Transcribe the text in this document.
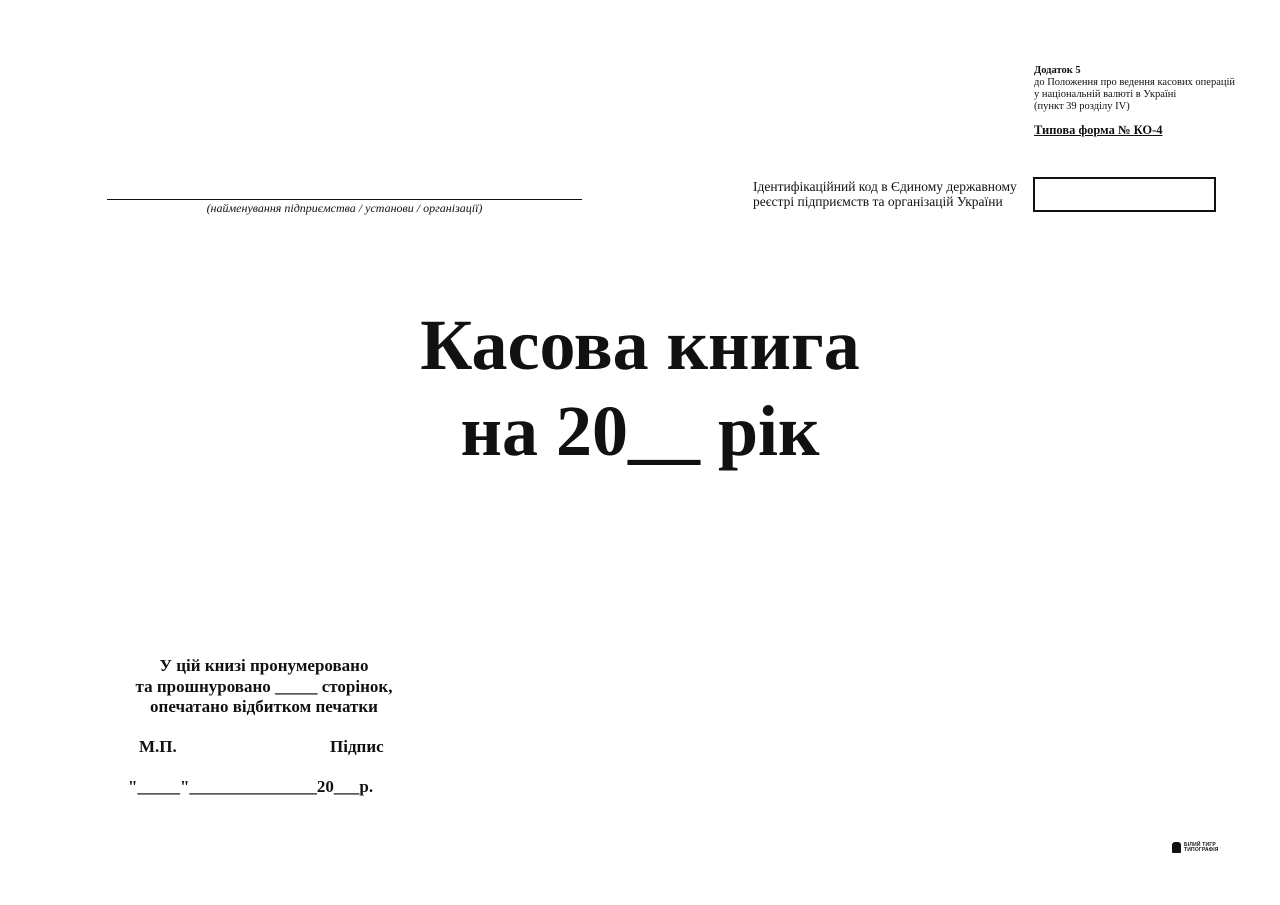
Додаток 5
до Положення про ведення касових операцій
у національній валюті в Україні
(пункт 39 розділу IV)
Типова форма № КО-4
(найменування підприємства / установи / організації)
Ідентифікаційний код в Єдиному державному
реєстрі підприємств та організацій України
Касова книга
на 20__ рік
У цій книзі пронумеровано
та прошнуровано _____ сторінок,
опечатано відбитком печатки
М.П.	Підпис
"_____"_______________20___р.
БІЛИЙ ТИГР
ТИПОГРАФІЯ
